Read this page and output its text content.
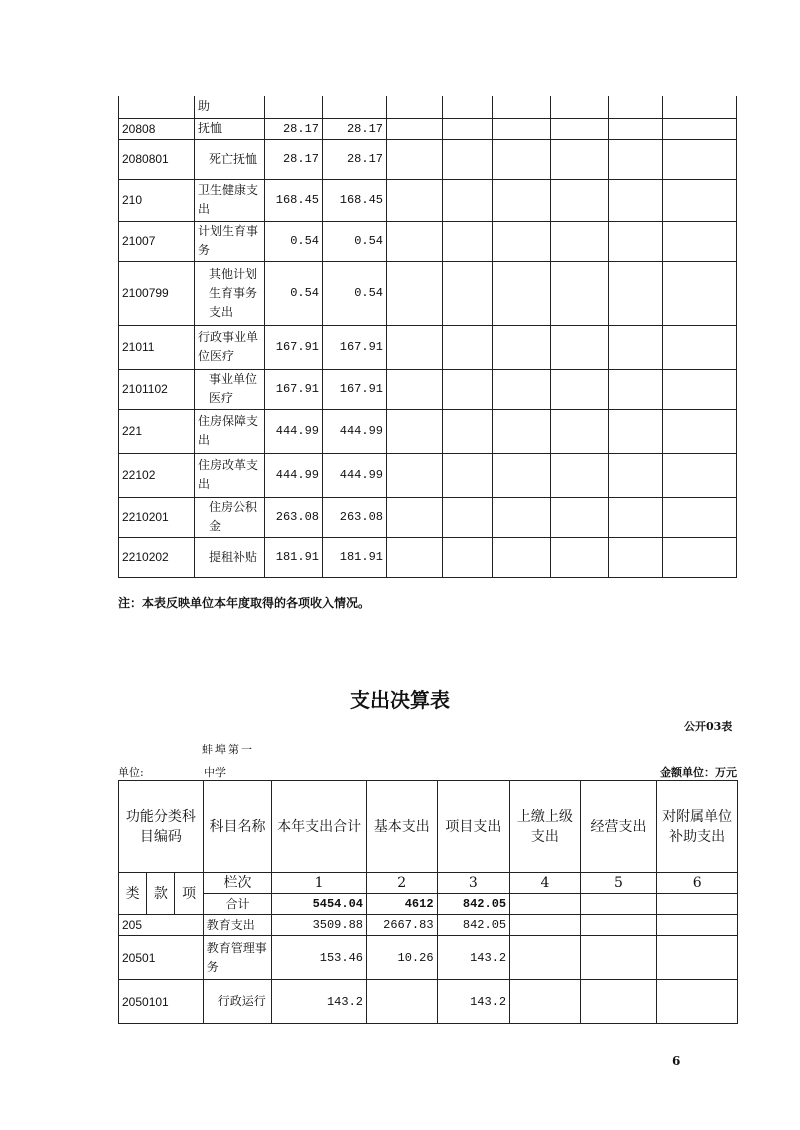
	助								
20808	抚恤	28.17	28.17						
2080801	死亡抚恤	28.17	28.17						
210	卫生健康支出	168.45	168.45						
21007	计划生育事务	0.54	0.54						
2100799	其他计划生育事务支出	0.54	0.54						
21011	行政事业单位医疗	167.91	167.91						
2101102	事业单位医疗	167.91	167.91						
221	住房保障支出	444.99	444.99						
22102	住房改革支出	444.99	444.99						
2210201	住房公积金	263.08	263.08						
2210202	提租补贴	181.91	181.91						
注：本表反映单位本年度取得的各项收入情况。
支出决算表
公开03表
蚌埠第一
单位:	中学	金额单位：万元
功能分类科目编码			科目名称	本年支出合计	基本支出	项目支出	上缴上级支出	经营支出	对附属单位补助支出
类	款	项	栏次	1	2	3	4	5	6
			合计	5454.04	4612	842.05			
205			教育支出	3509.88	2667.83	842.05			
20501			教育管理事务	153.46	10.26	143.2			
2050101			行政运行	143.2		143.2			
6
